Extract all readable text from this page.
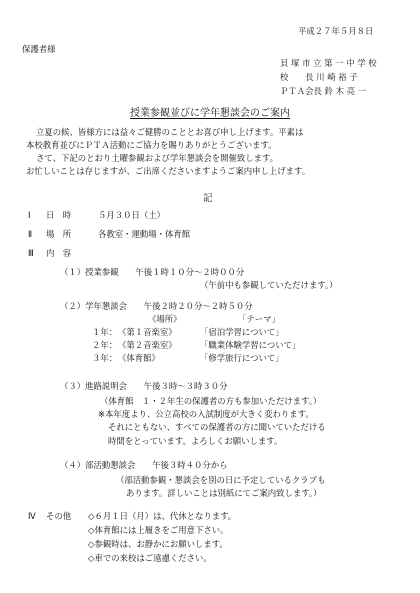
平成２７年５月８日
保護者様
貝 塚 市 立 第 一 中 学 校
校　　長 川 崎 裕 子
ＰＴＡ会長 鈴 木 亮 一
授業参観並びに学年懇談会のご案内
立夏の候、皆様方には益々ご健勝のこととお喜び申し上げます。平素は
本校教育並びにＰＴＡ活動にご協力を賜りありがとうございます。
さて、下記のとおり土曜参観および学年懇談会を開催致します。
お忙しいことは存じますが、ご出席くださいますようご案内申し上げます。
記
Ⅰ 日　時	５月３０日（土）
Ⅱ 場　所	各教室・運動場・体育館
Ⅲ 内　容
（１）授業参観　　午後１時１０分～２時００分
（午前中も参観していただけます。）
（２）学年懇談会　　午後２時２０分～２時５０分
《場所》	「テーマ」
１年： 《第１音楽室》	「宿泊学習について」
２年： 《第２音楽室》	「職業体験学習について」
３年： 《体育館》	「修学旅行について」
（３）進路説明会　　午後３時～３時３０分
（体育館　１・２年生の保護者の方も参加いただけます。）
※本年度より、公立高校の入試制度が大きく変わります。
それにともない、すべての保護者の方に聞いていただける
時間をとっています。よろしくお願いします。
（４）部活動懇談会　　午後３時４０分から
（部活動参観・懇談会を別の日に予定しているクラブも
あります。詳しいことは別紙にてご案内致します。）
Ⅳ その他 ◇６月１日（月）は、代休となります。
◇体育館には上履きをご用意下さい。
◇参観時は、お静かにお願いします。
◇車での来校はご遠慮ください。
